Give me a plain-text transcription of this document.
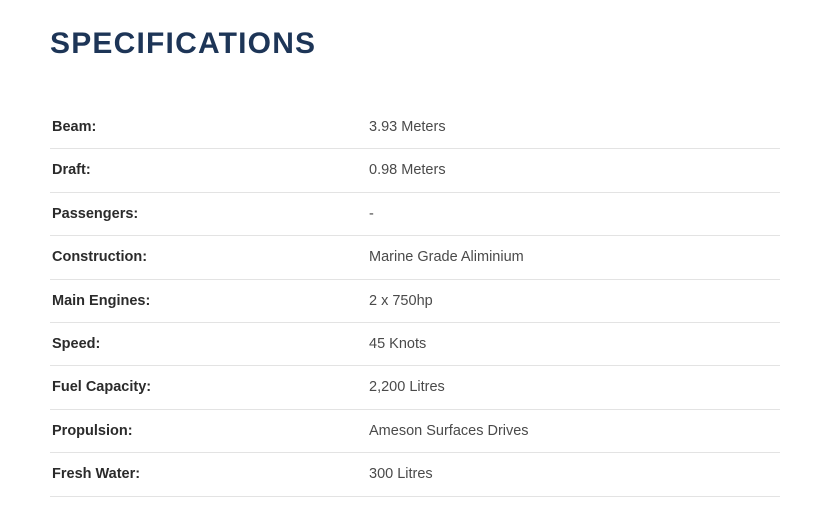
SPECIFICATIONS
Beam:	3.93 Meters
Draft:	0.98 Meters
Passengers:	-
Construction:	Marine Grade Aliminium
Main Engines:	2 x 750hp
Speed:	45 Knots
Fuel Capacity:	2,200 Litres
Propulsion:	Ameson Surfaces Drives
Fresh Water:	300 Litres
